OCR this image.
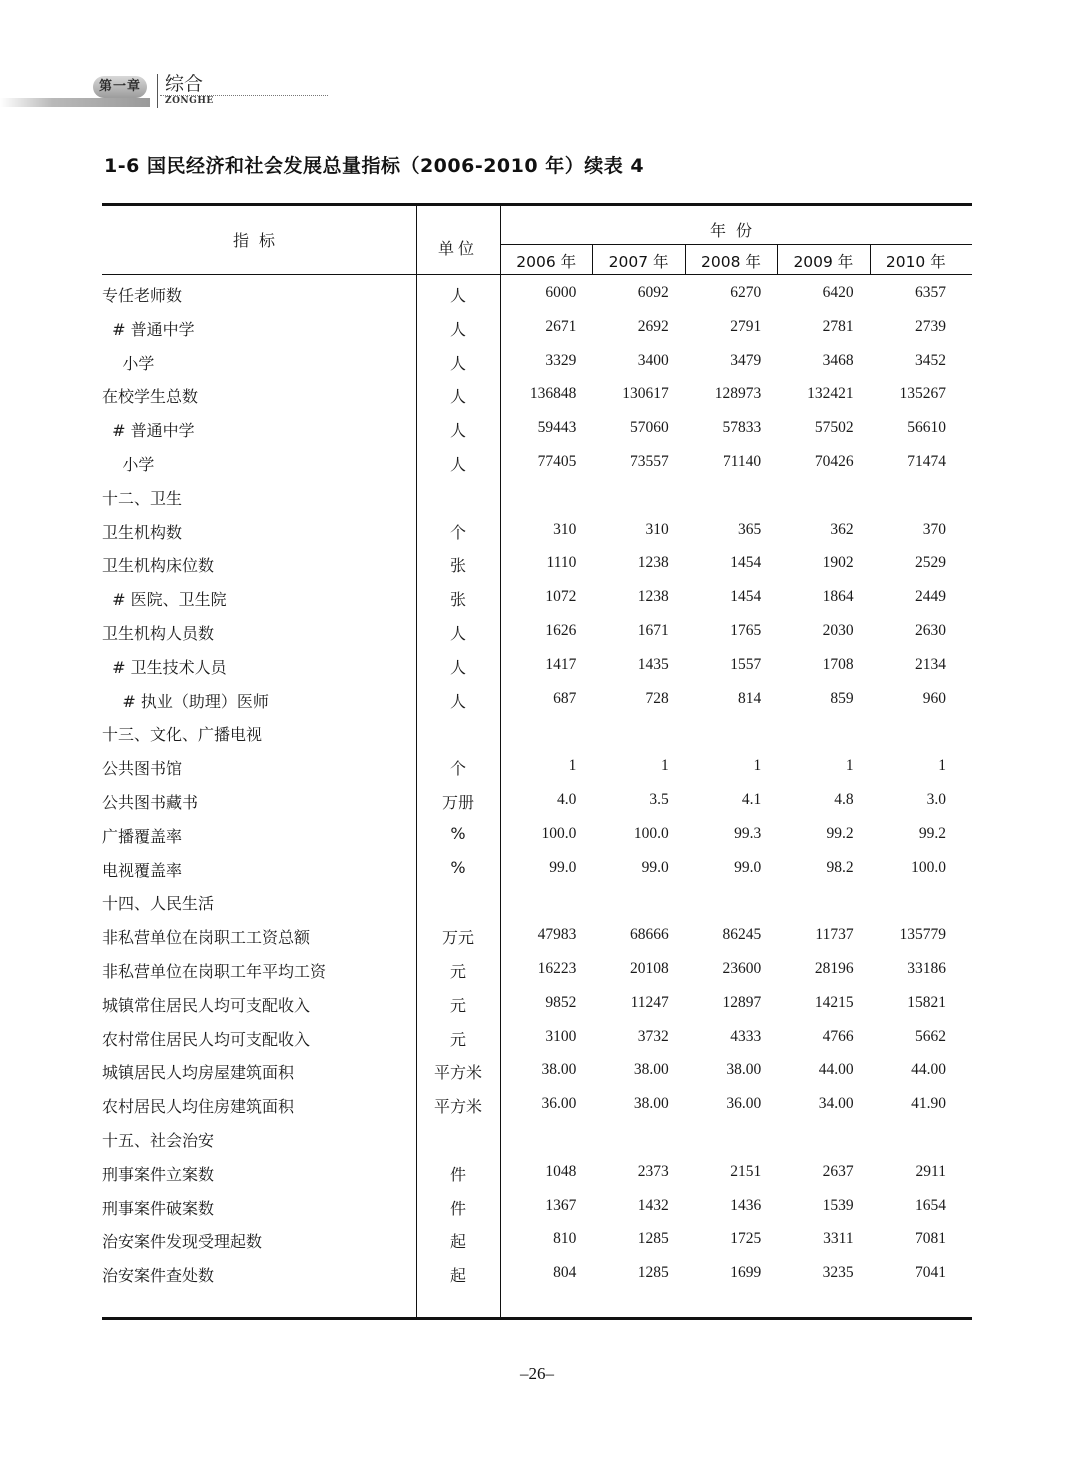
第一章	综合
ZONGHE
1-6 国民经济和社会发展总量指标（2006-2010 年）续表 4
指标	单位
年份
2006 年	2007 年	2008 年	2009 年	2010 年
专任老师数	人	6000	6092	6270	6420	6357
# 普通中学	人	2671	2692	2791	2781	2739
小学	人	3329	3400	3479	3468	3452
在校学生总数	人	136848	130617	128973	132421	135267
# 普通中学	人	59443	57060	57833	57502	56610
小学	人	77405	73557	71140	70426	71474
十二、卫生
卫生机构数	个	310	310	365	362	370
卫生机构床位数	张	1110	1238	1454	1902	2529
# 医院、卫生院	张	1072	1238	1454	1864	2449
卫生机构人员数	人	1626	1671	1765	2030	2630
# 卫生技术人员	人	1417	1435	1557	1708	2134
# 执业（助理）医师	人	687	728	814	859	960
十三、文化、广播电视
公共图书馆	个	1	1	1	1	1
公共图书藏书	万册	4.0	3.5	4.1	4.8	3.0
广播覆盖率	%	100.0	100.0	99.3	99.2	99.2
电视覆盖率	%	99.0	99.0	99.0	98.2	100.0
十四、人民生活
非私营单位在岗职工工资总额	万元	47983	68666	86245	11737	135779
非私营单位在岗职工年平均工资	元	16223	20108	23600	28196	33186
城镇常住居民人均可支配收入	元	9852	11247	12897	14215	15821
农村常住居民人均可支配收入	元	3100	3732	4333	4766	5662
城镇居民人均房屋建筑面积	平方米	38.00	38.00	38.00	44.00	44.00
农村居民人均住房建筑面积	平方米	36.00	38.00	36.00	34.00	41.90
十五、社会治安
刑事案件立案数	件	1048	2373	2151	2637	2911
刑事案件破案数	件	1367	1432	1436	1539	1654
治安案件发现受理起数	起	810	1285	1725	3311	7081
治安案件查处数	起	804	1285	1699	3235	7041
–26–
